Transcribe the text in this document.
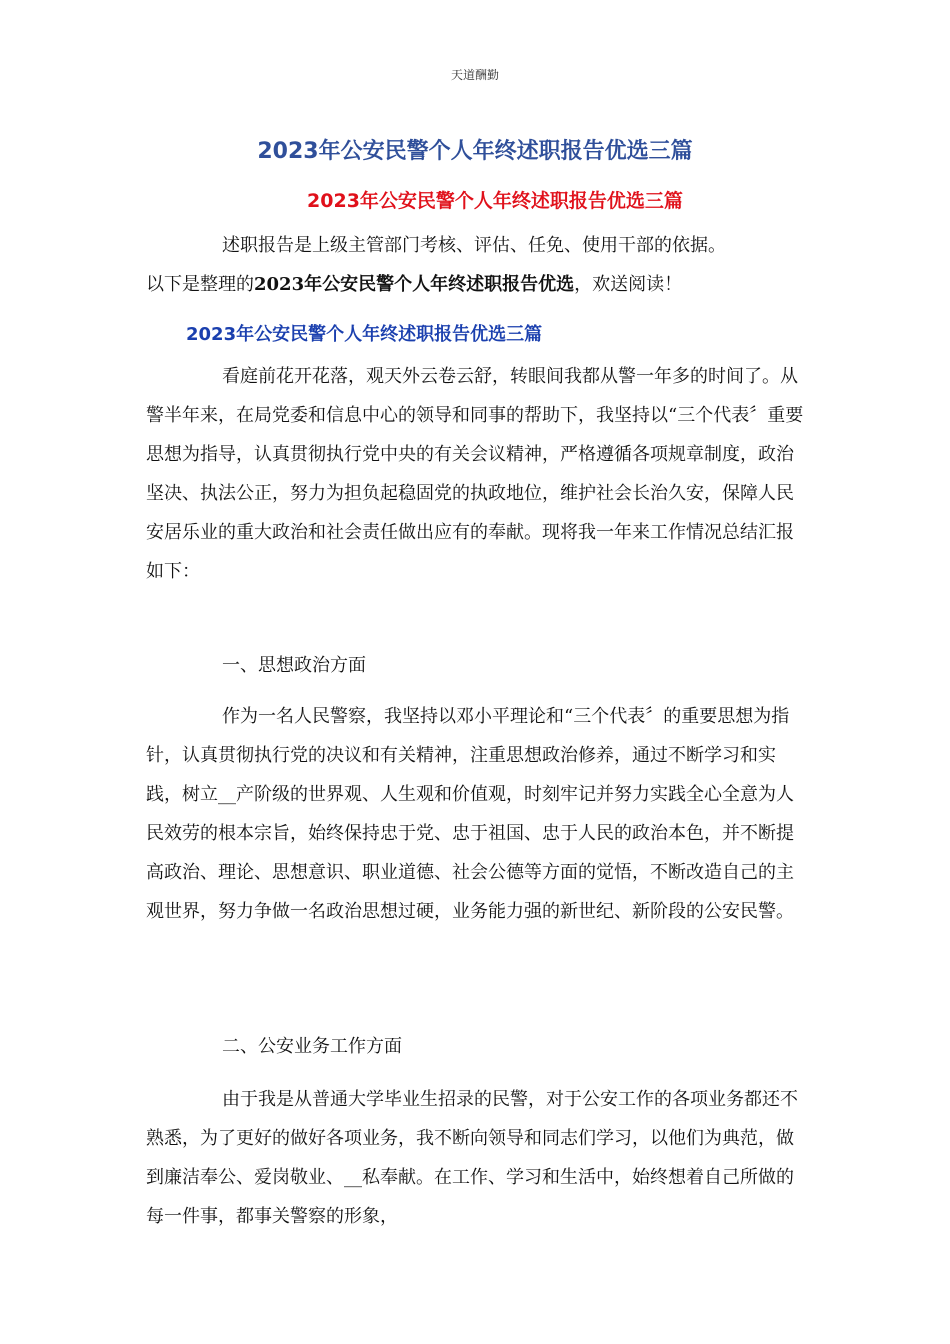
天道酬勤
2023年公安民警个人年终述职报告优选三篇
2023年公安民警个人年终述职报告优选三篇
述职报告是上级主管部门考核、评估、任免、使用干部的依据。
以下是整理的2023年公安民警个人年终述职报告优选，欢送阅读！
2023年公安民警个人年终述职报告优选三篇

看庭前花开花落，观天外云卷云舒，转眼间我都从警一年多的时间了。从警半年来，在局党委和信息中心的领导和同事的帮助下，我坚持以“三个代表〞重要思想为指导，认真贯彻执行党中央的有关会议精神，严格遵循各项规章制度，政治坚决、执法公正，努力为担负起稳固党的执政地位，维护社会长治久安，保障人民安居乐业的重大政治和社会责任做出应有的奉献。现将我一年来工作情况总结汇报如下：

一、思想政治方面

作为一名人民警察，我坚持以邓小平理论和“三个代表〞的重要思想为指针，认真贯彻执行党的决议和有关精神，注重思想政治修养，通过不断学习和实践，树立__产阶级的世界观、人生观和价值观，时刻牢记并努力实践全心全意为人民效劳的根本宗旨，始终保持忠于党、忠于祖国、忠于人民的政治本色，并不断提高政治、理论、思想意识、职业道德、社会公德等方面的觉悟，不断改造自己的主观世界，努力争做一名政治思想过硬，业务能力强的新世纪、新阶段的公安民警。

二、公安业务工作方面

由于我是从普通大学毕业生招录的民警，对于公安工作的各项业务都还不熟悉，为了更好的做好各项业务，我不断向领导和同志们学习，以他们为典范，做到廉洁奉公、爱岗敬业、__私奉献。在工作、学习和生活中，始终想着自己所做的每一件事，都事关警察的形象，
